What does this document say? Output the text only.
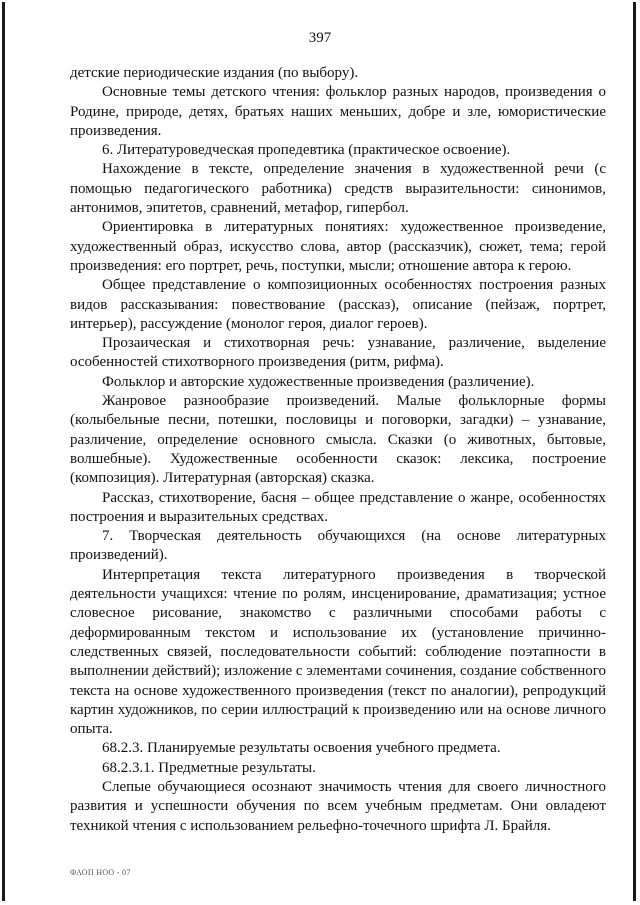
397

детские периодические издания (по выбору).

Основные темы детского чтения: фольклор разных народов, произведения о Родине, природе, детях, братьях наших меньших, добре и зле, юмористические произведения.

6. Литературоведческая пропедевтика (практическое освоение).

Нахождение в тексте, определение значения в художественной речи (с помощью педагогического работника) средств выразительности: синонимов, антонимов, эпитетов, сравнений, метафор, гипербол.

Ориентировка в литературных понятиях: художественное произведение, художественный образ, искусство слова, автор (рассказчик), сюжет, тема; герой произведения: его портрет, речь, поступки, мысли; отношение автора к герою.

Общее представление о композиционных особенностях построения разных видов рассказывания: повествование (рассказ), описание (пейзаж, портрет, интерьер), рассуждение (монолог героя, диалог героев).

Прозаическая и стихотворная речь: узнавание, различение, выделение особенностей стихотворного произведения (ритм, рифма).

Фольклор и авторские художественные произведения (различение).

Жанровое разнообразие произведений. Малые фольклорные формы (колыбельные песни, потешки, пословицы и поговорки, загадки) – узнавание, различение, определение основного смысла. Сказки (о животных, бытовые, волшебные). Художественные особенности сказок: лексика, построение (композиция). Литературная (авторская) сказка.

Рассказ, стихотворение, басня – общее представление о жанре, особенностях построения и выразительных средствах.

7. Творческая деятельность обучающихся (на основе литературных произведений).

Интерпретация текста литературного произведения в творческой деятельности учащихся: чтение по ролям, инсценирование, драматизация; устное словесное рисование, знакомство с различными способами работы с деформированным текстом и использование их (установление причинно-следственных связей, последовательности событий: соблюдение поэтапности в выполнении действий); изложение с элементами сочинения, создание собственного текста на основе художественного произведения (текст по аналогии), репродукций картин художников, по серии иллюстраций к произведению или на основе личного опыта.

68.2.3. Планируемые результаты освоения учебного предмета.

68.2.3.1. Предметные результаты.

Слепые обучающиеся осознают значимость чтения для своего личностного развития и успешности обучения по всем учебным предметам. Они овладеют техникой чтения с использованием рельефно-точечного шрифта Л. Брайля.

ФАОП НОО - 07
